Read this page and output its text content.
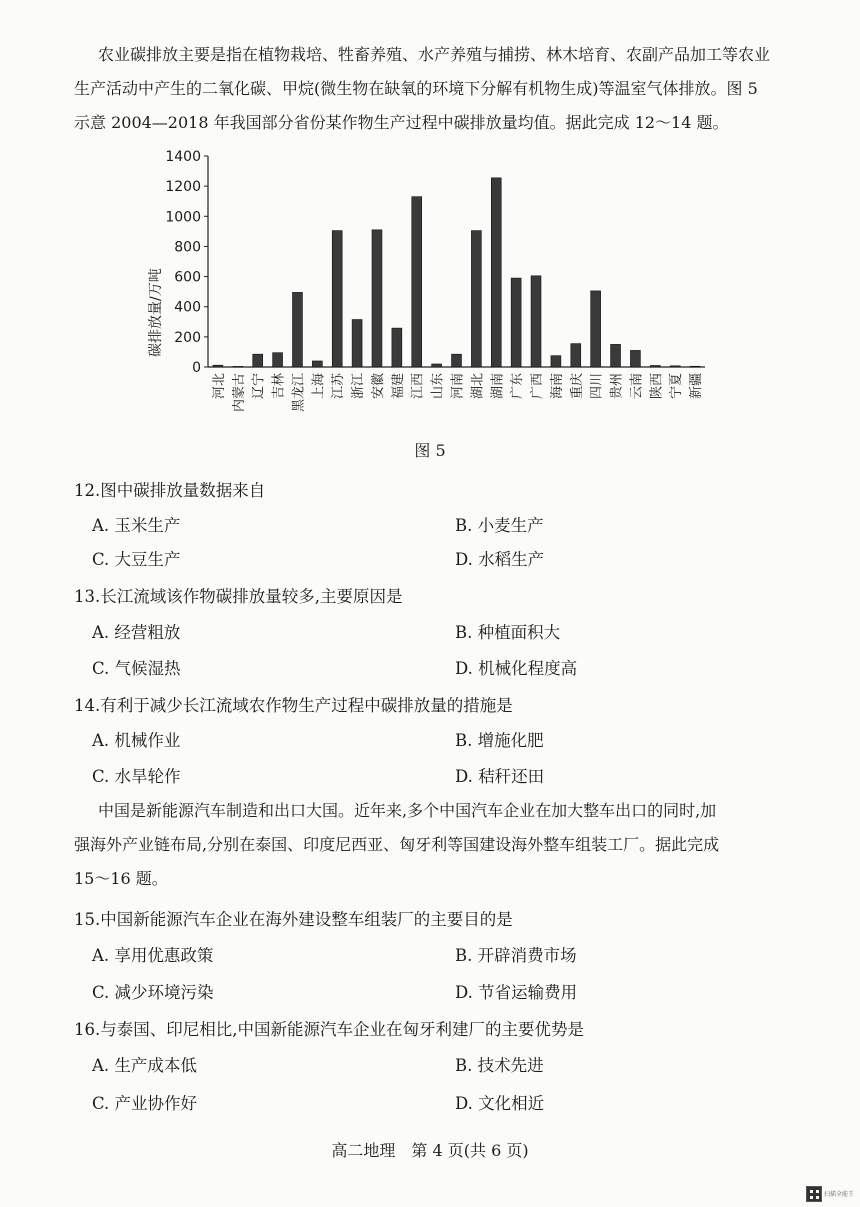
农业碳排放主要是指在植物栽培、牲畜养殖、水产养殖与捕捞、林木培育、农副产品加工等农业
生产活动中产生的二氧化碳、甲烷(微生物在缺氧的环境下分解有机物生成)等温室气体排放。图 5
示意 2004—2018 年我国部分省份某作物生产过程中碳排放量均值。据此完成 12～14 题。
0
200
400
600
800
1000
1200
1400
碳排放量/万吨
河北 内蒙古 辽宁 吉林 黑龙江 上海 江苏 浙江 安徽 福建 江西 山东 河南 湖北 湖南 广东 广西 海南 重庆 四川 贵州 云南 陕西 宁夏 新疆
图 5
12.图中碳排放量数据来自
A. 玉米生产	B. 小麦生产
C. 大豆生产	D. 水稻生产
13.长江流域该作物碳排放量较多,主要原因是
A. 经营粗放	B. 种植面积大
C. 气候湿热	D. 机械化程度高
14.有利于减少长江流域农作物生产过程中碳排放量的措施是
A. 机械作业	B. 增施化肥
C. 水旱轮作	D. 秸秆还田
中国是新能源汽车制造和出口大国。近年来,多个中国汽车企业在加大整车出口的同时,加
强海外产业链布局,分别在泰国、印度尼西亚、匈牙利等国建设海外整车组装工厂。据此完成
15～16 题。
15.中国新能源汽车企业在海外建设整车组装厂的主要目的是
A. 享用优惠政策	B. 开辟消费市场
C. 减少环境污染	D. 节省运输费用
16.与泰国、印尼相比,中国新能源汽车企业在匈牙利建厂的主要优势是
A. 生产成本低	B. 技术先进
C. 产业协作好	D. 文化相近
高二地理　第 4 页(共 6 页)
扫描全能王
